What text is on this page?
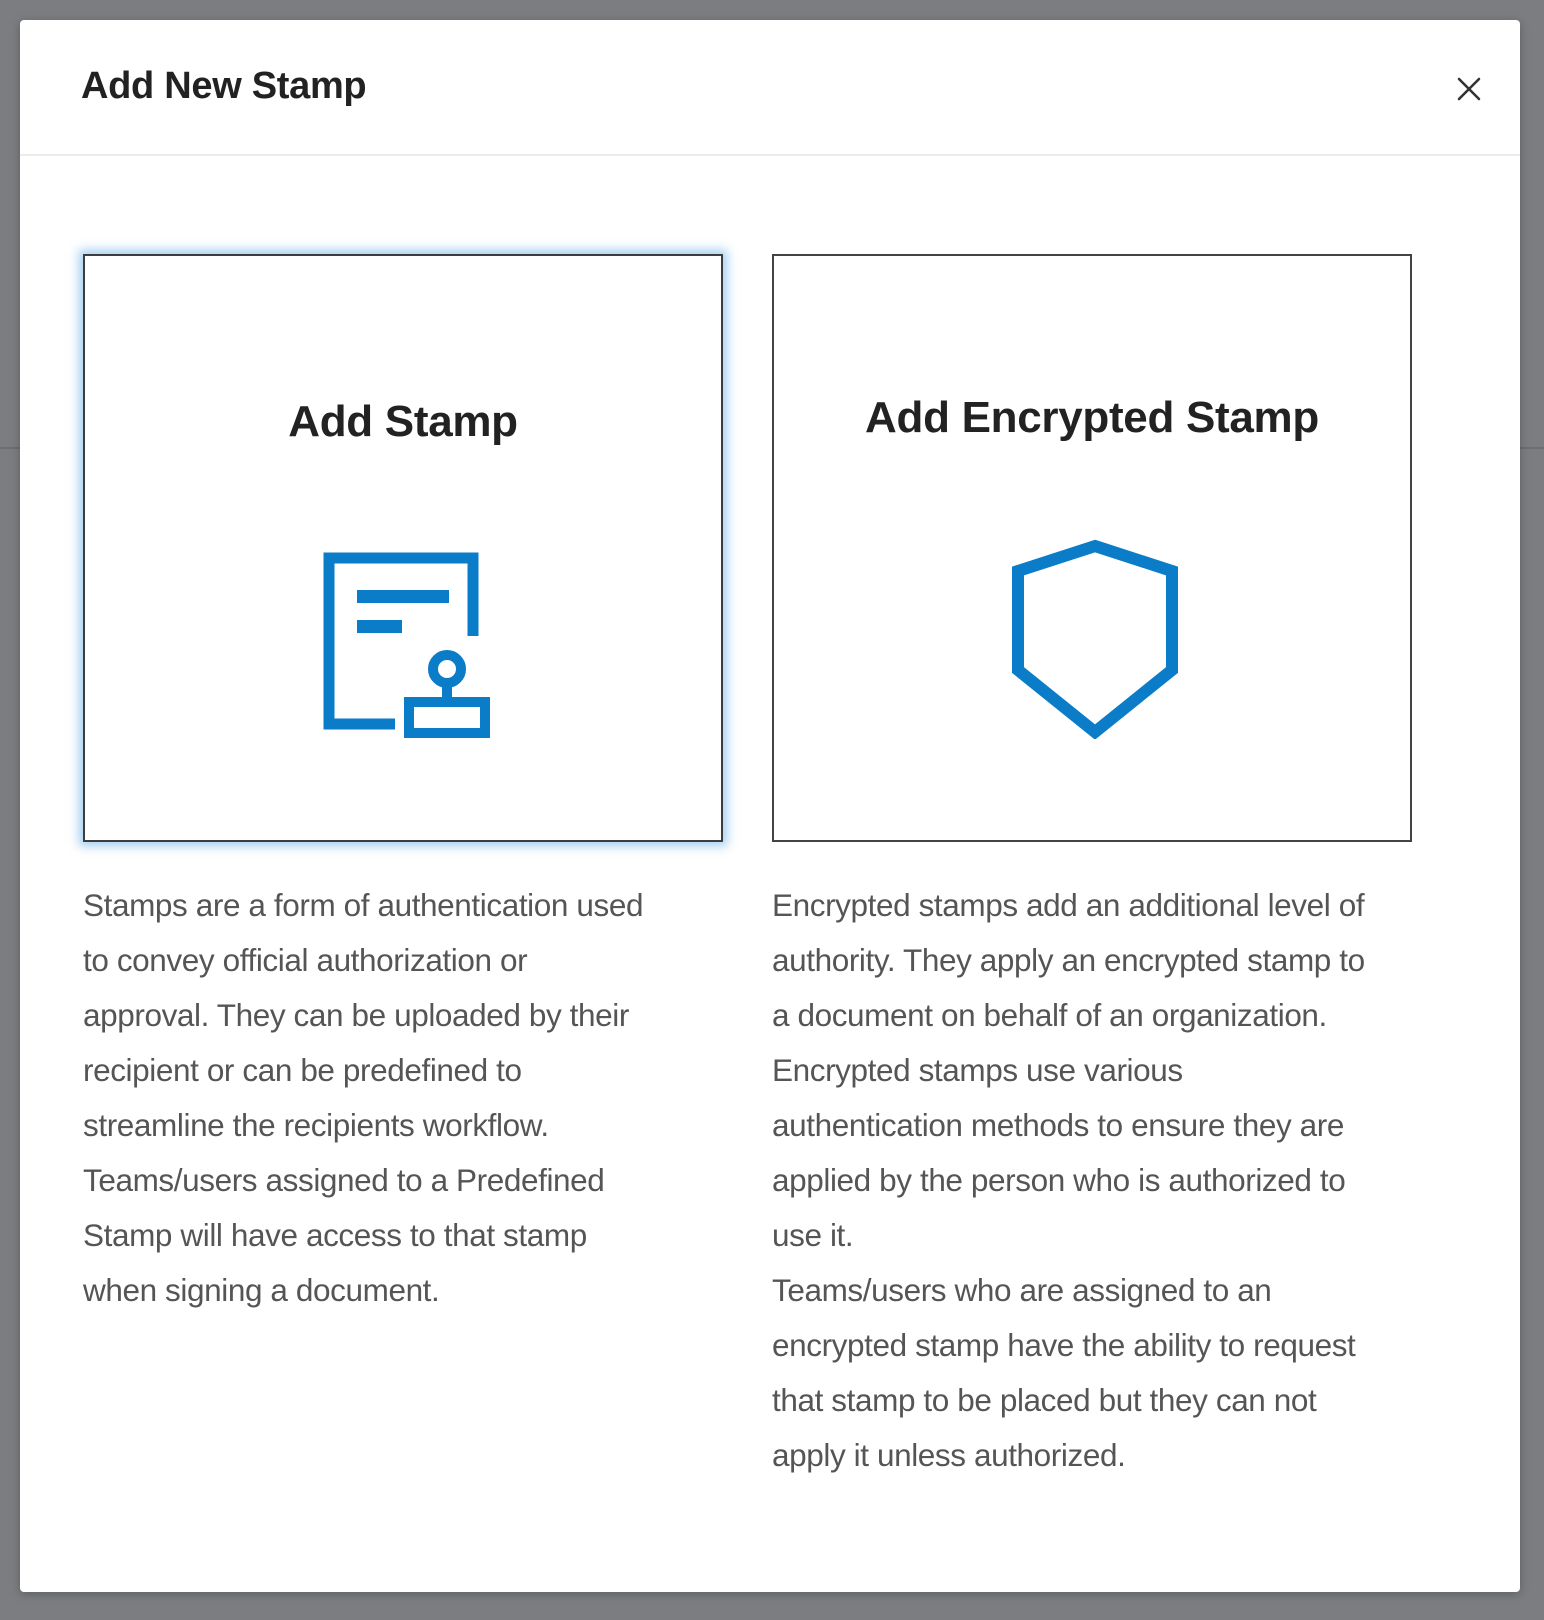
Add New Stamp
Add Stamp	Add Encrypted Stamp

Stamps are a form of authentication used
to convey official authorization or
approval. They can be uploaded by their
recipient or can be predefined to
streamline the recipients workflow.
Teams/users assigned to a Predefined
Stamp will have access to that stamp
when signing a document.

Encrypted stamps add an additional level of
authority. They apply an encrypted stamp to
a document on behalf of an organization.
Encrypted stamps use various
authentication methods to ensure they are
applied by the person who is authorized to
use it.
Teams/users who are assigned to an
encrypted stamp have the ability to request
that stamp to be placed but they can not
apply it unless authorized.
